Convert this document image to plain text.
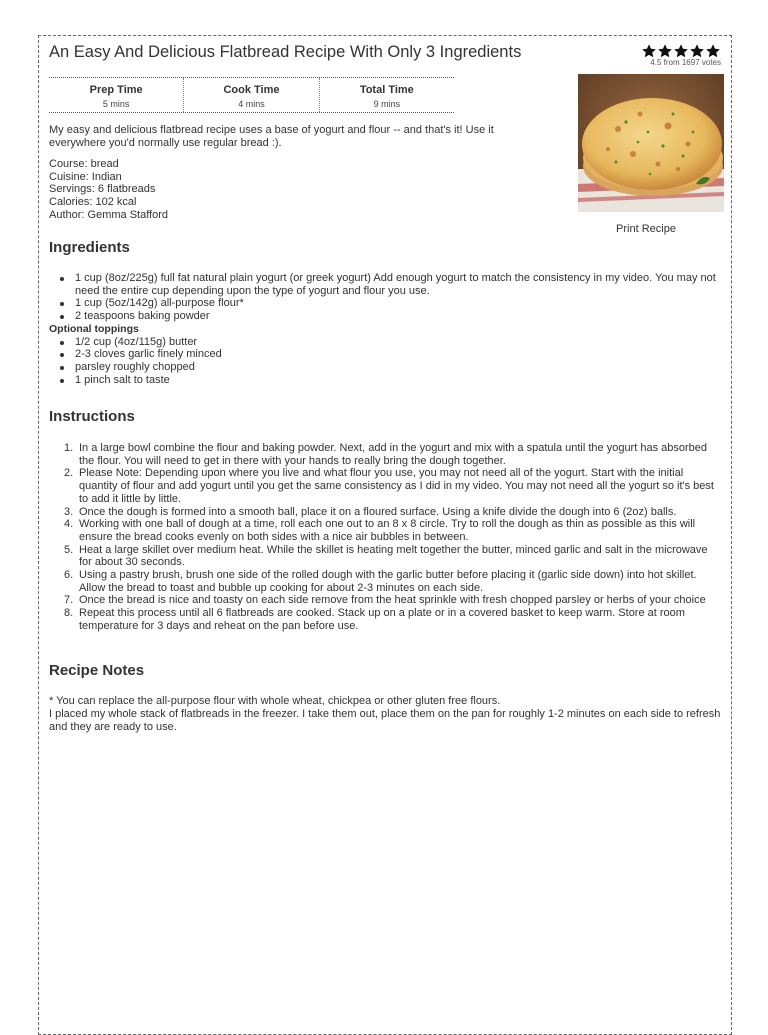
An Easy And Delicious Flatbread Recipe With Only 3 Ingredients
4.5 from 1697 votes
Prep Time
5 mins
Cook Time
4 mins
Total Time
9 mins
Print Recipe

My easy and delicious flatbread recipe uses a base of yogurt and flour -- and that's it! Use it everywhere you'd normally use regular bread :).

Course: bread
Cuisine: Indian
Servings: 6 flatbreads
Calories: 102 kcal
Author: Gemma Stafford
Ingredients
1 cup (8oz/225g) full fat natural plain yogurt (or greek yogurt) Add enough yogurt to match the consistency in my video. You may not need the entire cup depending upon the type of yogurt and flour you use.
1 cup (5oz/142g) all-purpose flour*
2 teaspoons baking powder
Optional toppings
1/2 cup (4oz/115g) butter
2-3 cloves garlic finely minced
parsley roughly chopped
1 pinch salt to taste
Instructions
1. In a large bowl combine the flour and baking powder. Next, add in the yogurt and mix with a spatula until the yogurt has absorbed the flour. You will need to get in there with your hands to really bring the dough together.
2. Please Note: Depending upon where you live and what flour you use, you may not need all of the yogurt. Start with the initial quantity of flour and add yogurt until you get the same consistency as I did in my video. You may not need all the yogurt so it's best to add it little by little.
3. Once the dough is formed into a smooth ball, place it on a floured surface. Using a knife divide the dough into 6 (2oz) balls.
4. Working with one ball of dough at a time, roll each one out to an 8 x 8 circle. Try to roll the dough as thin as possible as this will ensure the bread cooks evenly on both sides with a nice air bubbles in between.
5. Heat a large skillet over medium heat. While the skillet is heating melt together the butter, minced garlic and salt in the microwave for about 30 seconds.
6. Using a pastry brush, brush one side of the rolled dough with the garlic butter before placing it (garlic side down) into hot skillet. Allow the bread to toast and bubble up cooking for about 2-3 minutes on each side.
7. Once the bread is nice and toasty on each side remove from the heat sprinkle with fresh chopped parsley or herbs of your choice
8. Repeat this process until all 6 flatbreads are cooked. Stack up on a plate or in a covered basket to keep warm. Store at room temperature for 3 days and reheat on the pan before use.
Recipe Notes
* You can replace the all-purpose flour with whole wheat, chickpea or other gluten free flours.
I placed my whole stack of flatbreads in the freezer. I take them out, place them on the pan for roughly 1-2 minutes on each side to refresh and they are ready to use.
